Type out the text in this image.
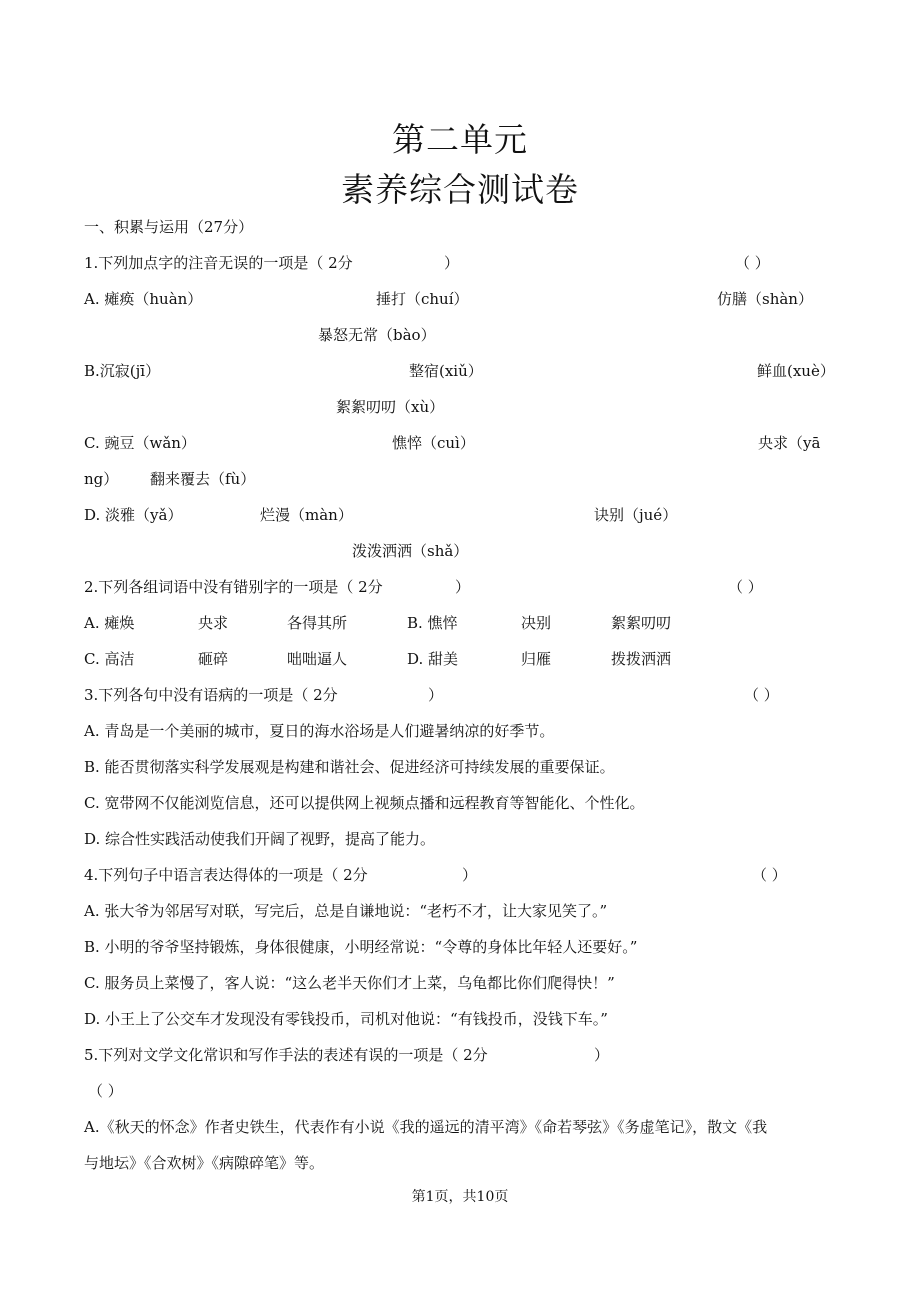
第二单元
素养综合测试卷
一、积累与运用（27分）
1.下列加点字的注音无误的一项是（ 2分	）	（ ）
A. 瘫痪（huàn）	捶打（chuí）	仿膳（shàn）
暴怒无常（bào）
B.沉寂(jī）	整宿(xiǔ）	鲜血(xuè）
絮絮叨叨（xù）
C. 豌豆（wǎn）	憔悴（cuì）	央求（yā
ng） 翻来覆去（fù）
D. 淡雅（yǎ）	烂漫（màn）	诀别（jué）
泼泼洒洒（shǎ）
2.下列各组词语中没有错别字的一项是（ 2分	）	（ ）
A. 瘫焕	央求	各得其所	B. 憔悴	决别	絮絮叨叨
C. 高洁	砸碎	咄咄逼人	D. 甜美	归雁	拨拨洒洒
3.下列各句中没有语病的一项是（ 2分	）	（ ）
A. 青岛是一个美丽的城市，夏日的海水浴场是人们避暑纳凉的好季节。
B. 能否贯彻落实科学发展观是构建和谐社会、促进经济可持续发展的重要保证。
C. 宽带网不仅能浏览信息，还可以提供网上视频点播和远程教育等智能化、个性化。
D. 综合性实践活动使我们开阔了视野，提高了能力。
4.下列句子中语言表达得体的一项是（ 2分	）	（ ）
A. 张大爷为邻居写对联，写完后，总是自谦地说：“老朽不才，让大家见笑了。”
B. 小明的爷爷坚持锻炼，身体很健康，小明经常说：“令尊的身体比年轻人还要好。”
C. 服务员上菜慢了，客人说：“这么老半天你们才上菜，乌龟都比你们爬得快！”
D. 小王上了公交车才发现没有零钱投币，司机对他说：“有钱投币，没钱下车。”
5.下列对文学文化常识和写作手法的表述有误的一项是（ 2分	）
（ ）
A.《秋天的怀念》作者史铁生，代表作有小说《我的遥远的清平湾》《命若琴弦》《务虚笔记》，散文《我
与地坛》《合欢树》《病隙碎笔》等。
第1页，共10页
